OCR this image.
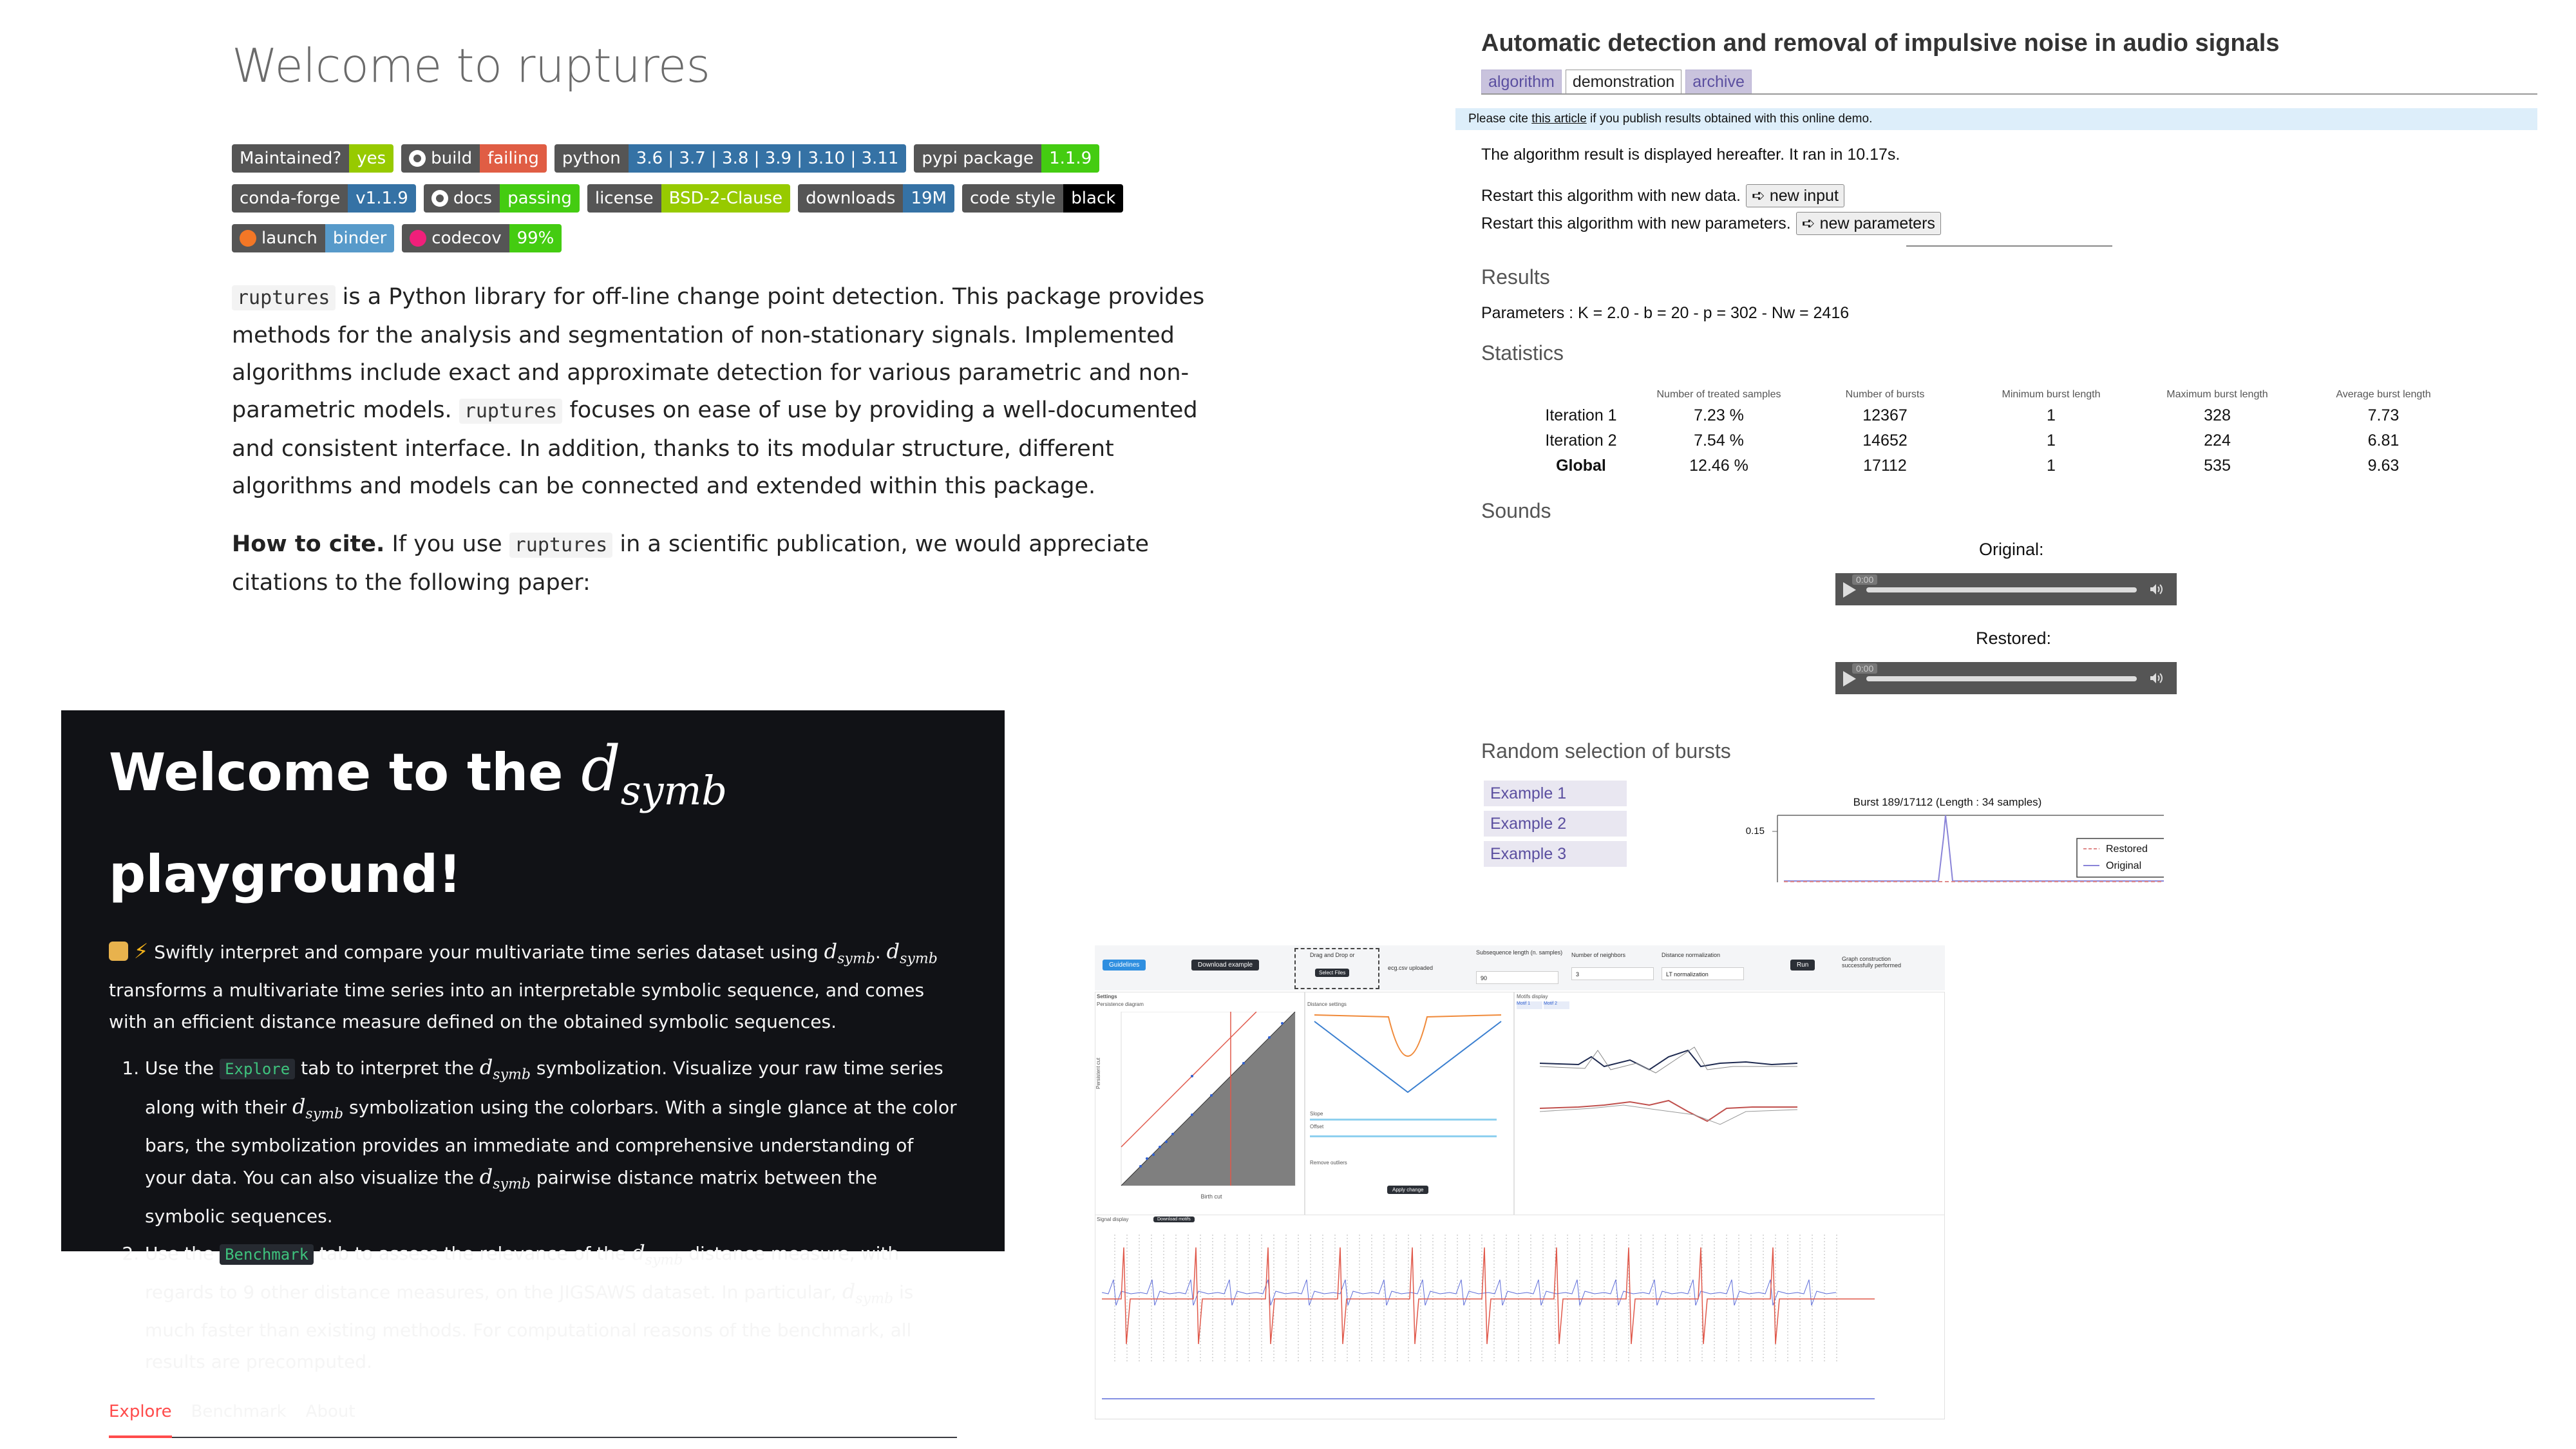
Welcome to ruptures
Maintained? yes	build failing	python 3.6 | 3.7 | 3.8 | 3.9 | 3.10 | 3.11	pypi package 1.1.9
conda-forge v1.1.9	docs passing	license BSD-2-Clause	downloads 19M	code style black
launch binder	codecov 99%
ruptures is a Python library for off-line change point detection. This package provides methods for the analysis and segmentation of non-stationary signals. Implemented algorithms include exact and approximate detection for various parametric and non-parametric models. ruptures focuses on ease of use by providing a well-documented and consistent interface. In addition, thanks to its modular structure, different algorithms and models can be connected and extended within this package.
How to cite. If you use ruptures in a scientific publication, we would appreciate citations to the following paper:
Welcome to the $d_{symb}$ playground!

⚡ Swiftly interpret and compare your multivariate time series dataset using $d_{symb}$. $d_{symb}$ transforms a multivariate time series into an interpretable symbolic sequence, and comes with an efficient distance measure defined on the obtained symbolic sequences.

1. Use the Explore tab to interpret the $d_{symb}$ symbolization. Visualize your raw time series along with their $d_{symb}$ symbolization using the colorbars. With a single glance at the color bars, the symbolization provides an immediate and comprehensive understanding of your data. You can also visualize the $d_{symb}$ pairwise distance matrix between the symbolic sequences.
2. Use the Benchmark tab to assess the relevance of the $d_{symb}$ distance measure, with regards to 9 other distance measures, on the JIGSAWS dataset. In particular, $d_{symb}$ is much faster than existing methods. For computational reasons of the benchmark, all results are precomputed.
Explore Benchmark About
Automatic detection and removal of impulsive noise in audio signals
algorithm	demonstration	archive
Please cite this article if you publish results obtained with this online demo.
The algorithm result is displayed hereafter. It ran in 10.17s.
Restart this algorithm with new data. ➪ new input
Restart this algorithm with new parameters. ➪ new parameters
Results
Parameters : K = 2.0 - b = 20 - p = 302 - Nw = 2416
Statistics
	Number of treated samples	Number of bursts	Minimum burst length	Maximum burst length	Average burst length
Iteration 1	7.23 %	12367	1	328	7.73
Iteration 2	7.54 %	14652	1	224	6.81
Global	12.46 %	17112	1	535	9.63
Sounds
Original:
0:00
Restored:
0:00
Random selection of bursts
Example 1
Example 2
Example 3
Burst 189/17112 (Length : 34 samples)
0.15
Restored
Original
Guidelines	Download example
Drag and Drop or
Select Files
ecg.csv uploaded
Subsequence length (n. samples)
90
Number of neighbors
3
Distance normalization
LT normalization
Run
Graph construction successfully performed
Settings
Persistence diagram
Birth cut
Persistent cut
Distance settings
Slope
Offset
Remove outliers
Apply change
Motifs display
Motif 1	Motif 2
Signal display	Download motifs
